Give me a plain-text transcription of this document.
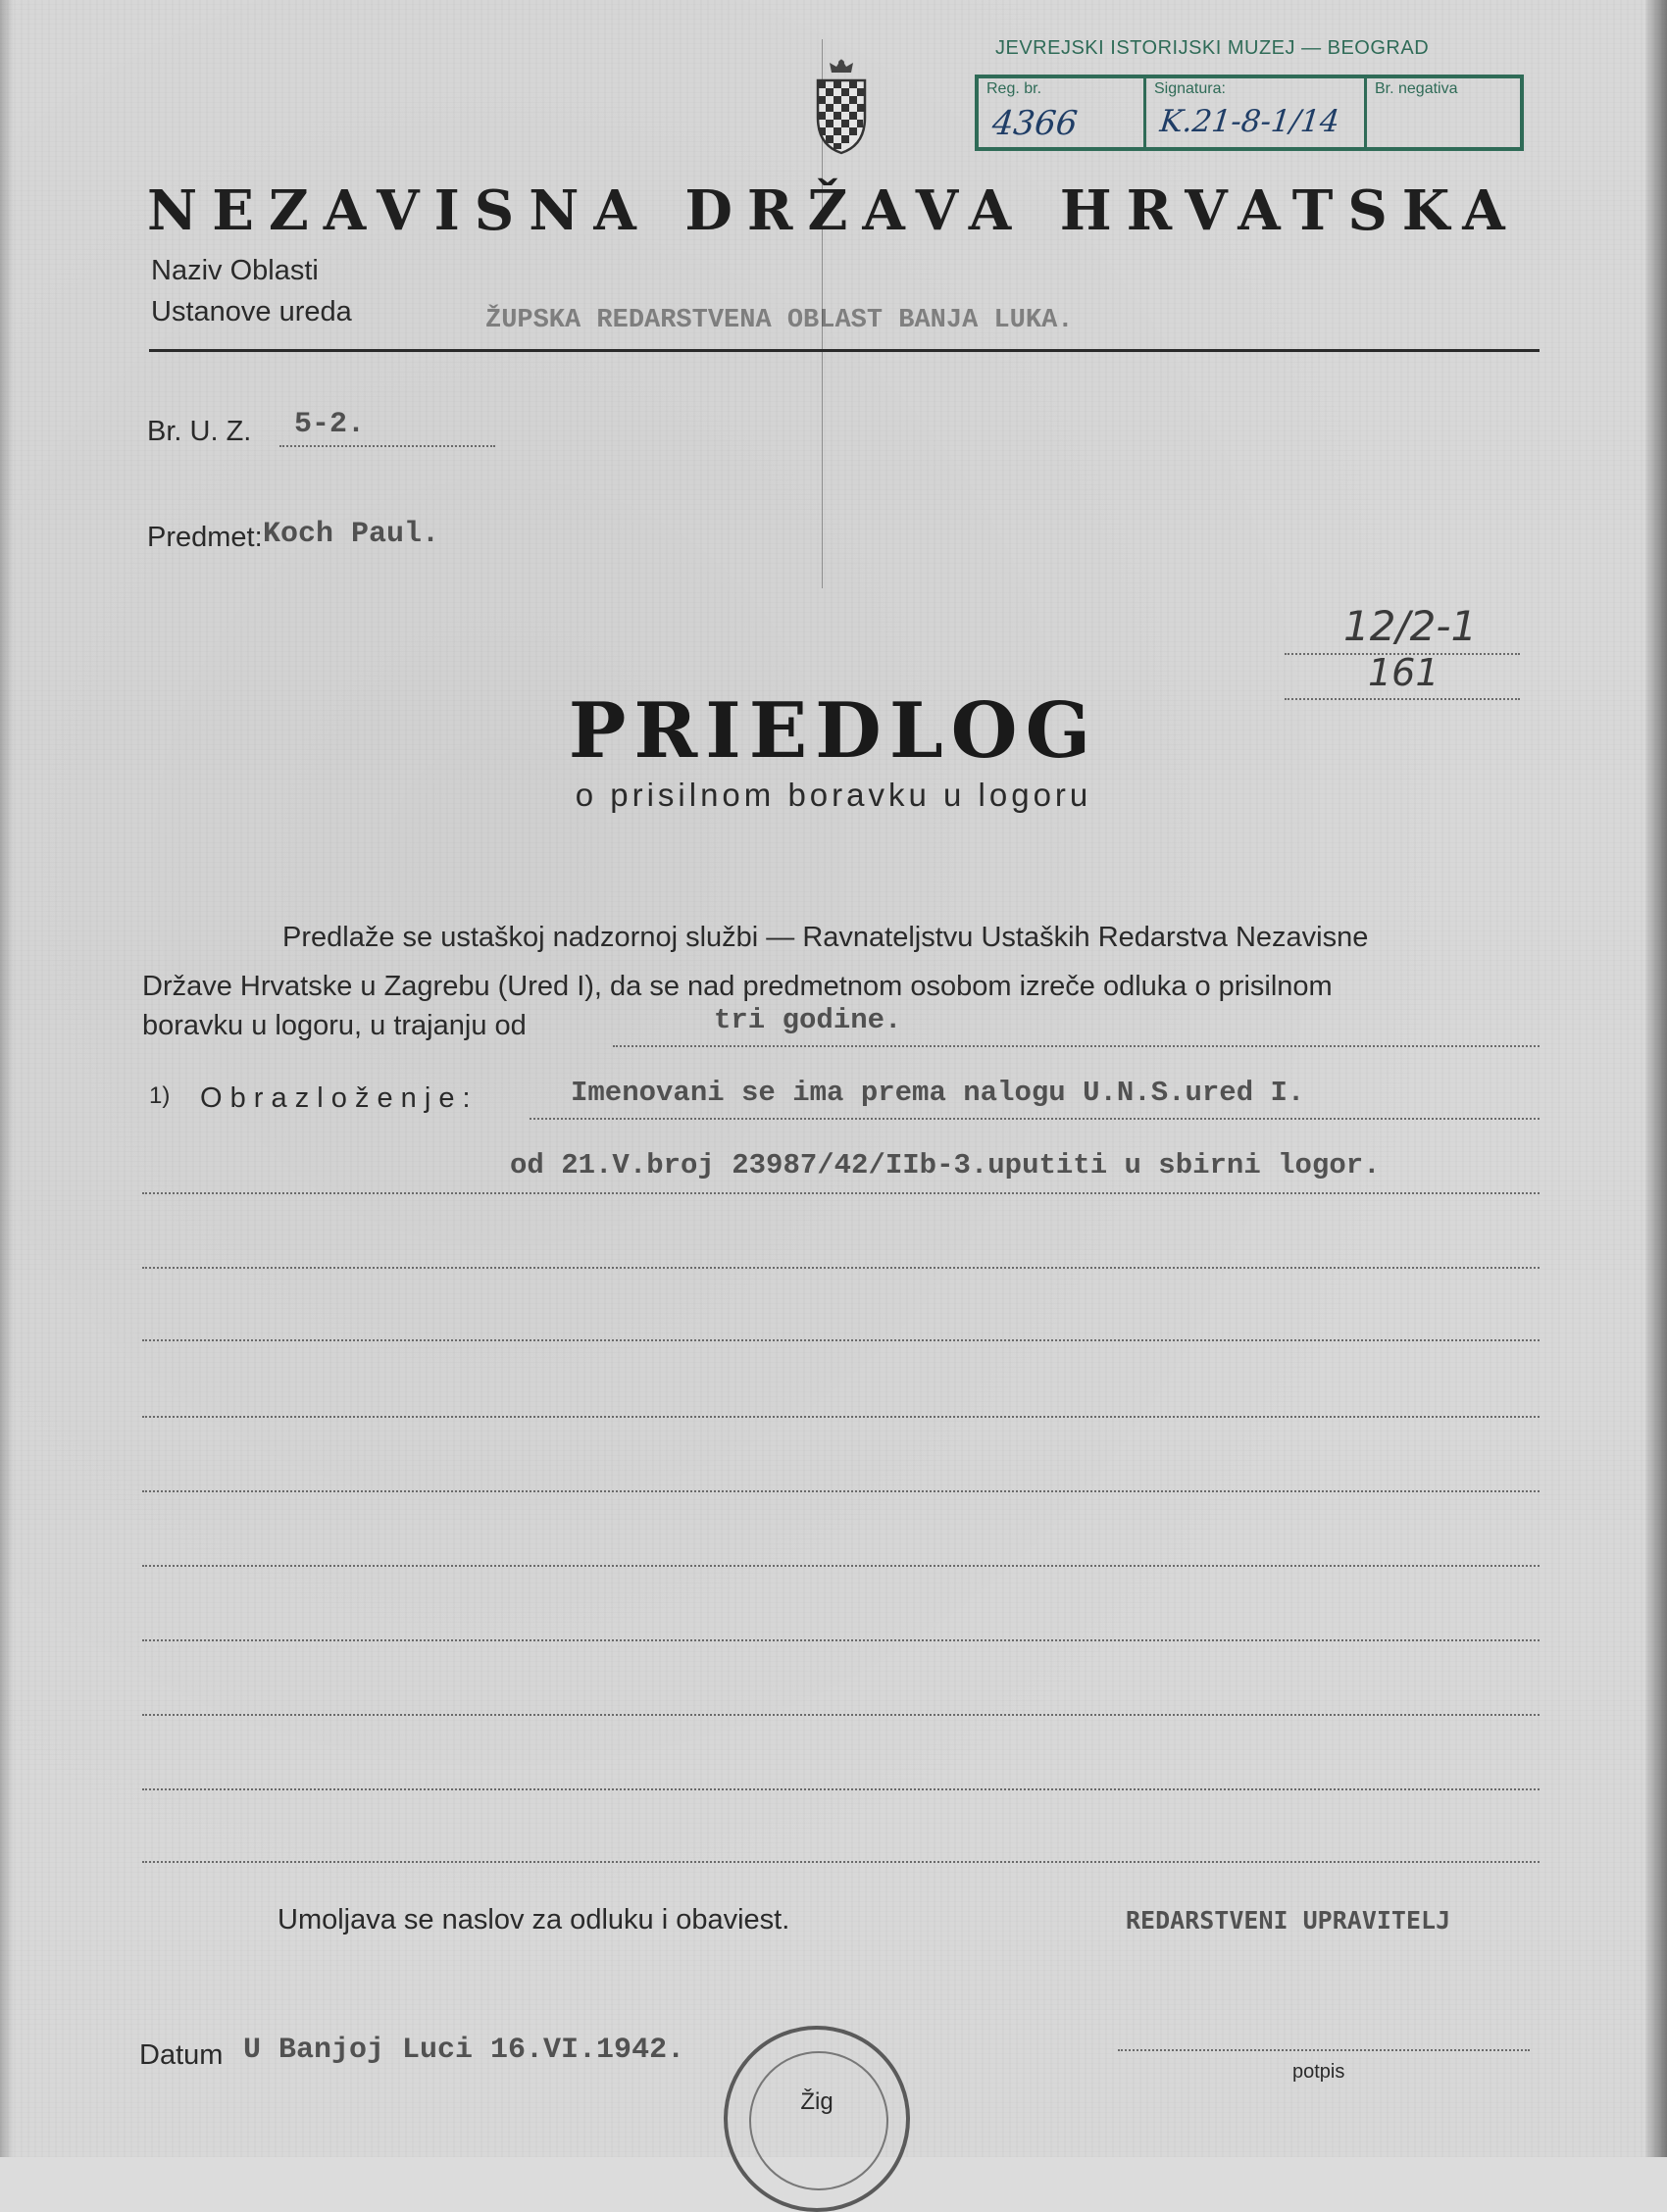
JEVREJSKI ISTORIJSKI MUZEJ — BEOGRAD
Reg. br.
4366
Signatura:
K.21-8-1/14
Br. negativa
NEZAVISNA DRŽAVA HRVATSKA
Naziv Oblasti
Ustanove ureda	ŽUPSKA REDARSTVENA OBLAST BANJA LUKA.
Br. U. Z. 5-2.
Predmet: Koch Paul.
12/2-1
161
PRIEDLOG
o prisilnom boravku u logoru
Predlaže se ustaškoj nadzornoj službi — Ravnateljstvu Ustaških Redarstva Nezavisne
Države Hrvatske u Zagrebu (Ured I), da se nad predmetnom osobom izreče odluka o prisilnom
boravku u logoru, u trajanju od	tri godine.
1) O b r a z l o ž e n j e :	Imenovani se ima prema nalogu U.N.S.ured I.
od 21.V.broj 23987/42/IIb-3.uputiti u sbirni logor.
Umoljava se naslov za odluku i obaviest.	REDARSTVENI UPRAVITELJ
Datum U Banjoj Luci 16.VI.1942.
potpis
Žig
